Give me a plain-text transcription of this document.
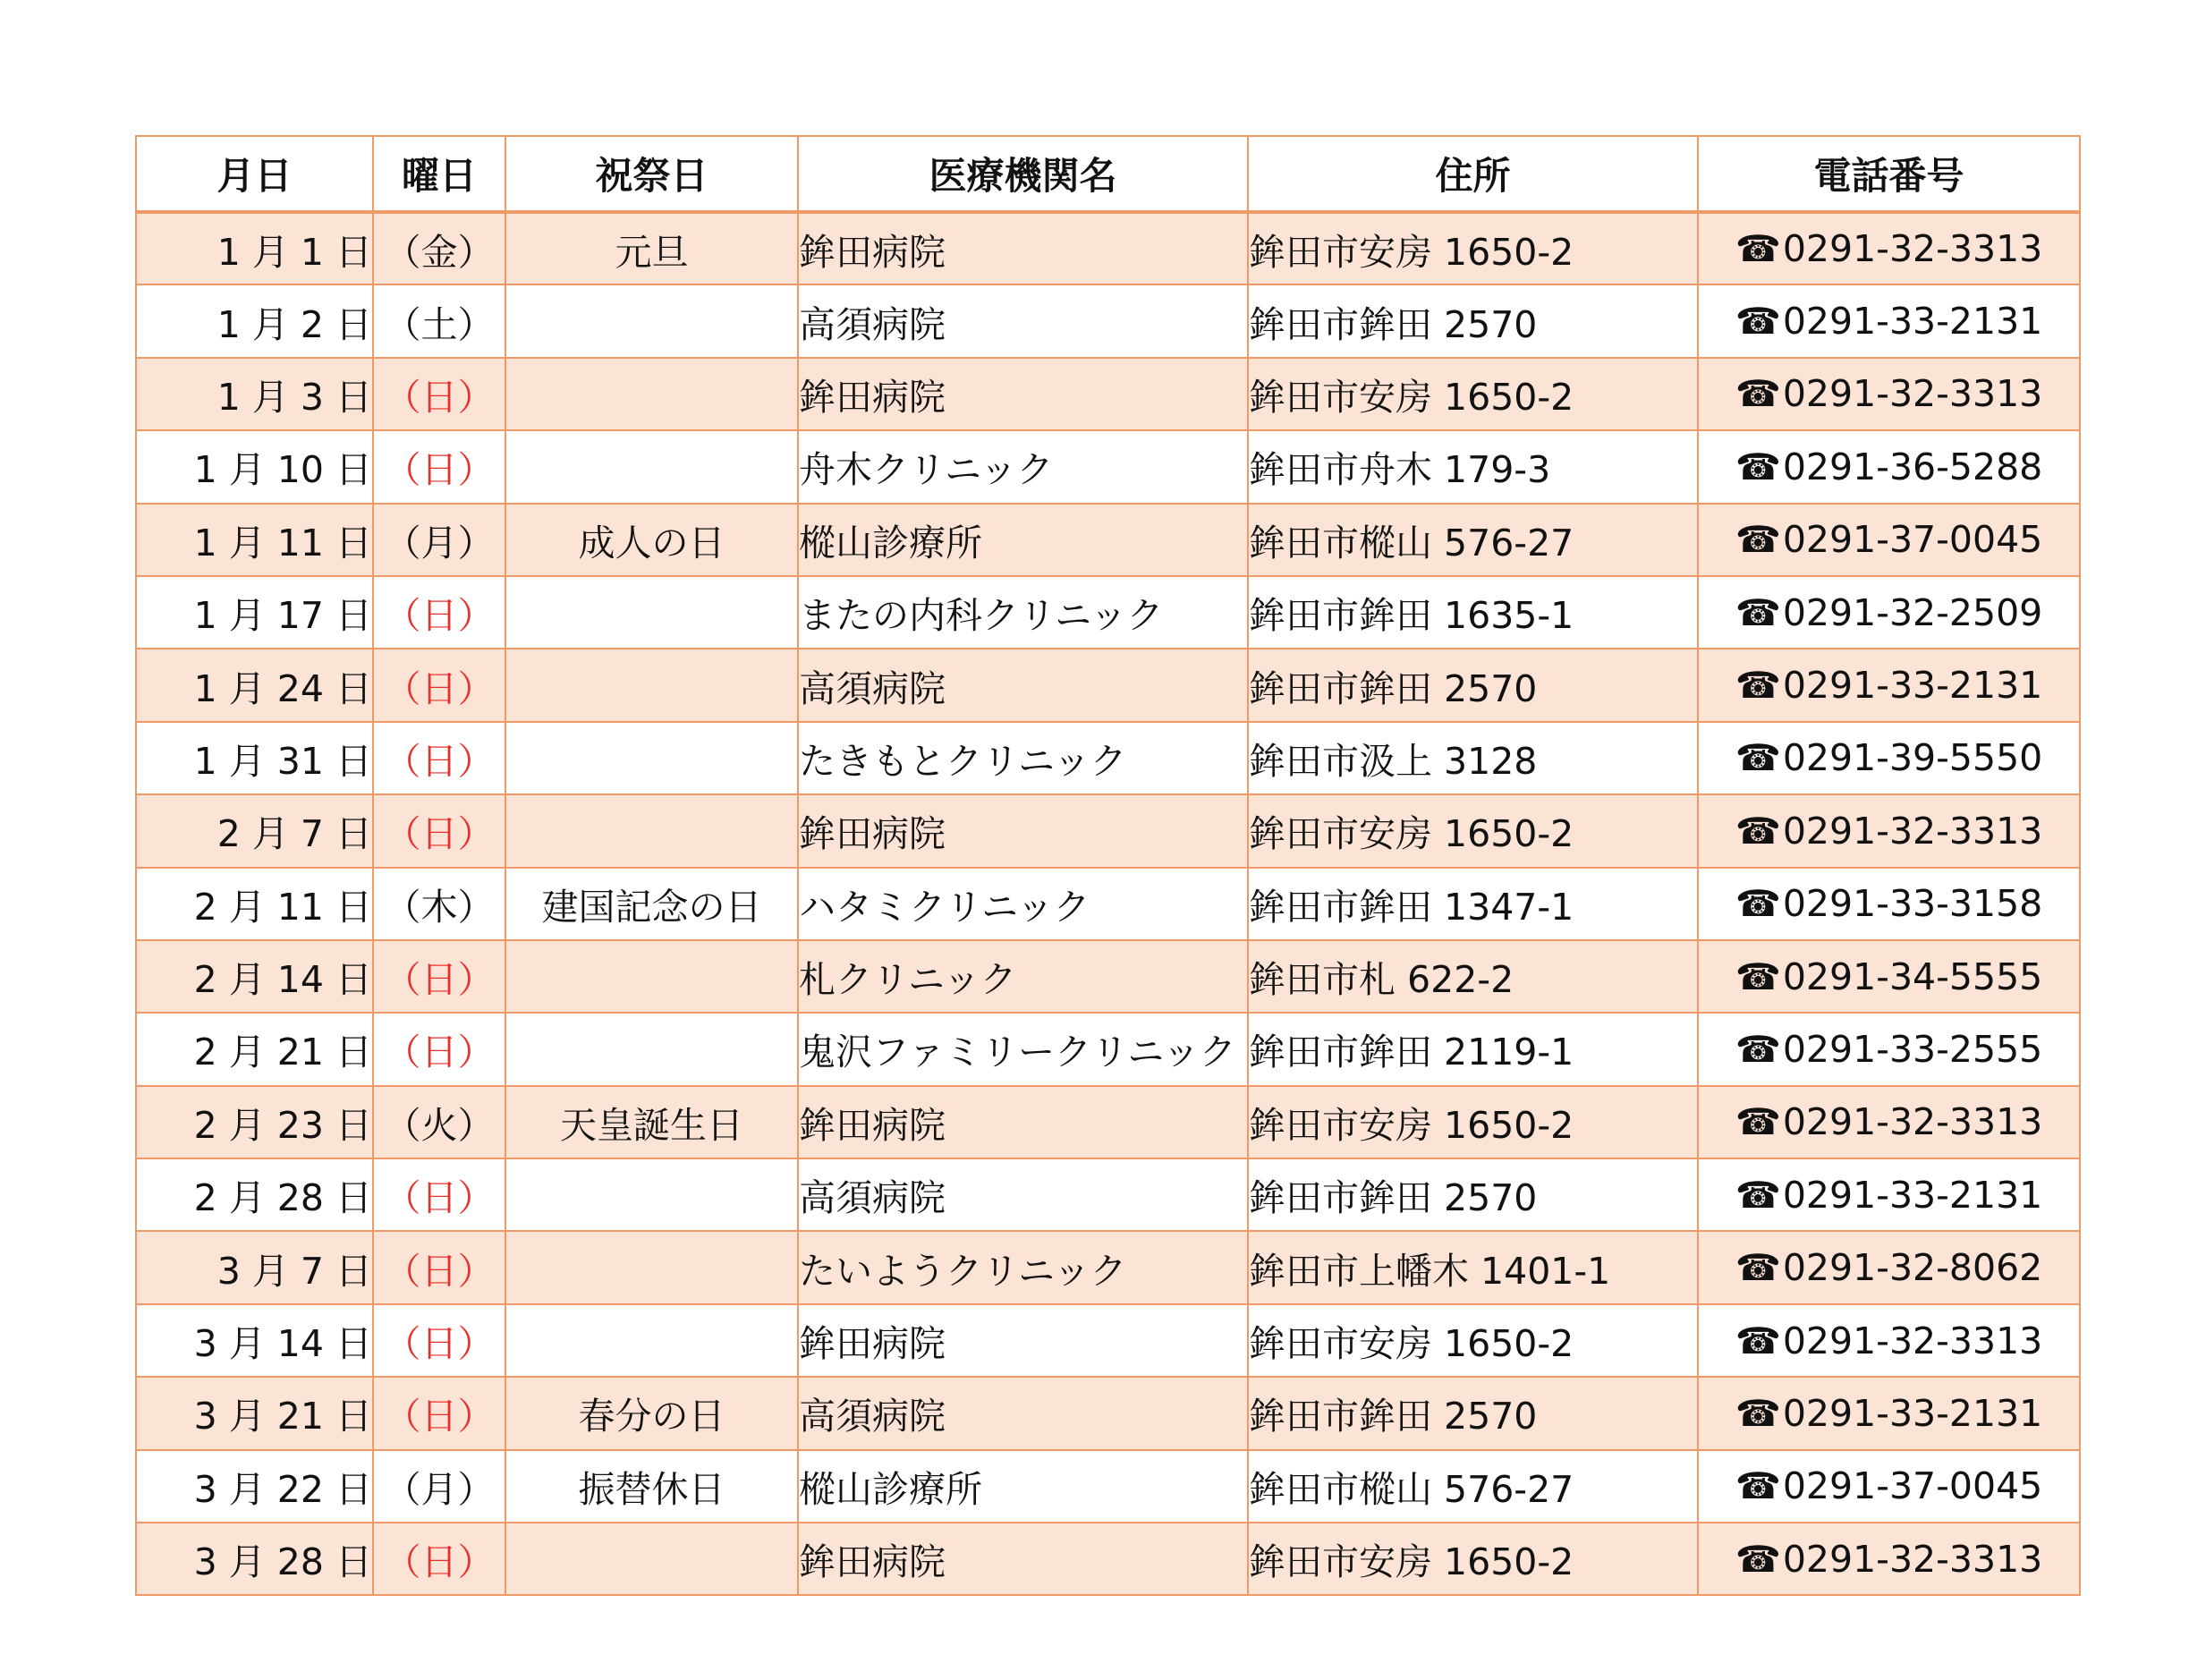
月日	曜日	祝祭日	医療機関名	住所	電話番号
1 月 1 日	（金）	元旦	鉾田病院	鉾田市安房 1650-2	☎0291-32-3313
1 月 2 日	（土）		高須病院	鉾田市鉾田 2570	☎0291-33-2131
1 月 3 日	（日）		鉾田病院	鉾田市安房 1650-2	☎0291-32-3313
1 月 10 日	（日）		舟木クリニック	鉾田市舟木 179-3	☎0291-36-5288
1 月 11 日	（月）	成人の日	樅山診療所	鉾田市樅山 576-27	☎0291-37-0045
1 月 17 日	（日）		またの内科クリニック	鉾田市鉾田 1635-1	☎0291-32-2509
1 月 24 日	（日）		高須病院	鉾田市鉾田 2570	☎0291-33-2131
1 月 31 日	（日）		たきもとクリニック	鉾田市汲上 3128	☎0291-39-5550
2 月 7 日	（日）		鉾田病院	鉾田市安房 1650-2	☎0291-32-3313
2 月 11 日	（木）	建国記念の日	ハタミクリニック	鉾田市鉾田 1347-1	☎0291-33-3158
2 月 14 日	（日）		札クリニック	鉾田市札 622-2	☎0291-34-5555
2 月 21 日	（日）		鬼沢ファミリークリニック	鉾田市鉾田 2119-1	☎0291-33-2555
2 月 23 日	（火）	天皇誕生日	鉾田病院	鉾田市安房 1650-2	☎0291-32-3313
2 月 28 日	（日）		高須病院	鉾田市鉾田 2570	☎0291-33-2131
3 月 7 日	（日）		たいようクリニック	鉾田市上幡木 1401-1	☎0291-32-8062
3 月 14 日	（日）		鉾田病院	鉾田市安房 1650-2	☎0291-32-3313
3 月 21 日	（日）	春分の日	高須病院	鉾田市鉾田 2570	☎0291-33-2131
3 月 22 日	（月）	振替休日	樅山診療所	鉾田市樅山 576-27	☎0291-37-0045
3 月 28 日	（日）		鉾田病院	鉾田市安房 1650-2	☎0291-32-3313
